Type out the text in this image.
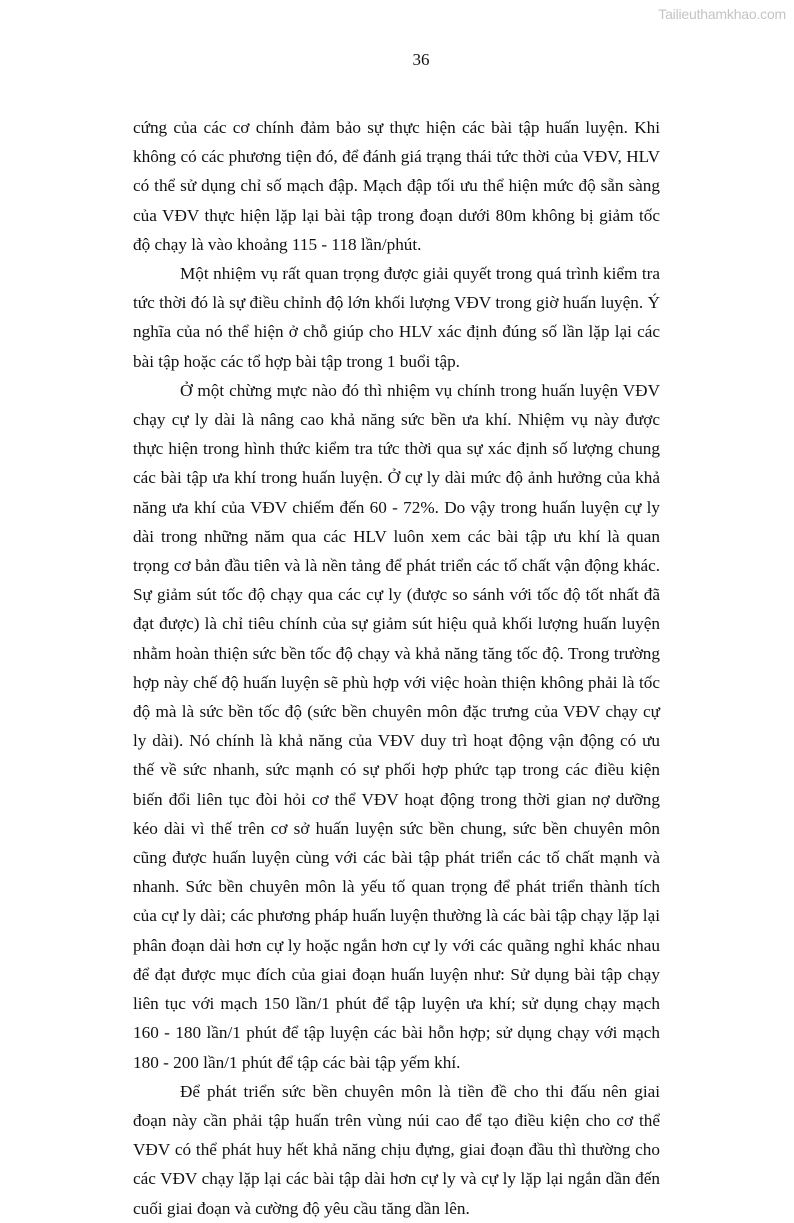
Tailieuthamkhao.com
36

cứng của các cơ chính đảm bảo sự thực hiện các bài tập huấn luyện. Khi không có các phương tiện đó, để đánh giá trạng thái tức thời của VĐV, HLV có thể sử dụng chỉ số mạch đập. Mạch đập tối ưu thể hiện mức độ sẵn sàng của VĐV thực hiện lặp lại bài tập trong đoạn dưới 80m không bị giảm tốc độ chạy là vào khoảng 115 - 118 lần/phút.

Một nhiệm vụ rất quan trọng được giải quyết trong quá trình kiểm tra tức thời đó là sự điều chỉnh độ lớn khối lượng VĐV trong giờ huấn luyện. Ý nghĩa của nó thể hiện ở chỗ giúp cho HLV xác định đúng số lần lặp lại các bài tập hoặc các tổ hợp bài tập trong 1 buổi tập.

Ở một chừng mực nào đó thì nhiệm vụ chính trong huấn luyện VĐV chạy cự ly dài là nâng cao khả năng sức bền ưa khí. Nhiệm vụ này được thực hiện trong hình thức kiểm tra tức thời qua sự xác định số lượng chung các bài tập ưa khí trong huấn luyện. Ở cự ly dài mức độ ảnh hưởng của khả năng ưa khí của VĐV chiếm đến 60 - 72%. Do vậy trong huấn luyện cự ly dài trong những năm qua các HLV luôn xem các bài tập ưu khí là quan trọng cơ bản đầu tiên và là nền tảng để phát triển các tố chất vận động khác. Sự giảm sút tốc độ chạy qua các cự ly (được so sánh với tốc độ tốt nhất đã đạt được) là chỉ tiêu chính của sự giảm sút hiệu quả khối lượng huấn luyện nhằm hoàn thiện sức bền tốc độ chạy và khả năng tăng tốc độ. Trong trường hợp này chế độ huấn luyện sẽ phù hợp với việc hoàn thiện không phải là tốc độ mà là sức bền tốc độ (sức bền chuyên môn đặc trưng của VĐV chạy cự ly dài). Nó chính là khả năng của VĐV duy trì hoạt động vận động có ưu thế về sức nhanh, sức mạnh có sự phối hợp phức tạp trong các điều kiện biến đổi liên tục đòi hỏi cơ thể VĐV hoạt động trong thời gian nợ dưỡng kéo dài vì thế trên cơ sở huấn luyện sức bền chung, sức bền chuyên môn cũng được huấn luyện cùng với các bài tập phát triển các tố chất mạnh và nhanh. Sức bền chuyên môn là yếu tố quan trọng để phát triển thành tích của cự ly dài; các phương pháp huấn luyện thường là các bài tập chạy lặp lại phân đoạn dài hơn cự ly hoặc ngắn hơn cự ly với các quãng nghỉ khác nhau để đạt được mục đích của giai đoạn huấn luyện như: Sử dụng bài tập chạy liên tục với mạch 150 lần/1 phút để tập luyện ưa khí; sử dụng chạy mạch 160 - 180 lần/1 phút để tập luyện các bài hỗn hợp; sử dụng chạy với mạch 180 - 200 lần/1 phút để tập các bài tập yếm khí.

Để phát triển sức bền chuyên môn là tiền đề cho thi đấu nên giai đoạn này cần phải tập huấn trên vùng núi cao để tạo điều kiện cho cơ thể VĐV có thể phát huy hết khả năng chịu đựng, giai đoạn đầu thì thường cho các VĐV chạy lặp lại các bài tập dài hơn cự ly và cự ly lặp lại ngắn dần đến cuối giai đoạn và cường độ yêu cầu tăng dần lên.
